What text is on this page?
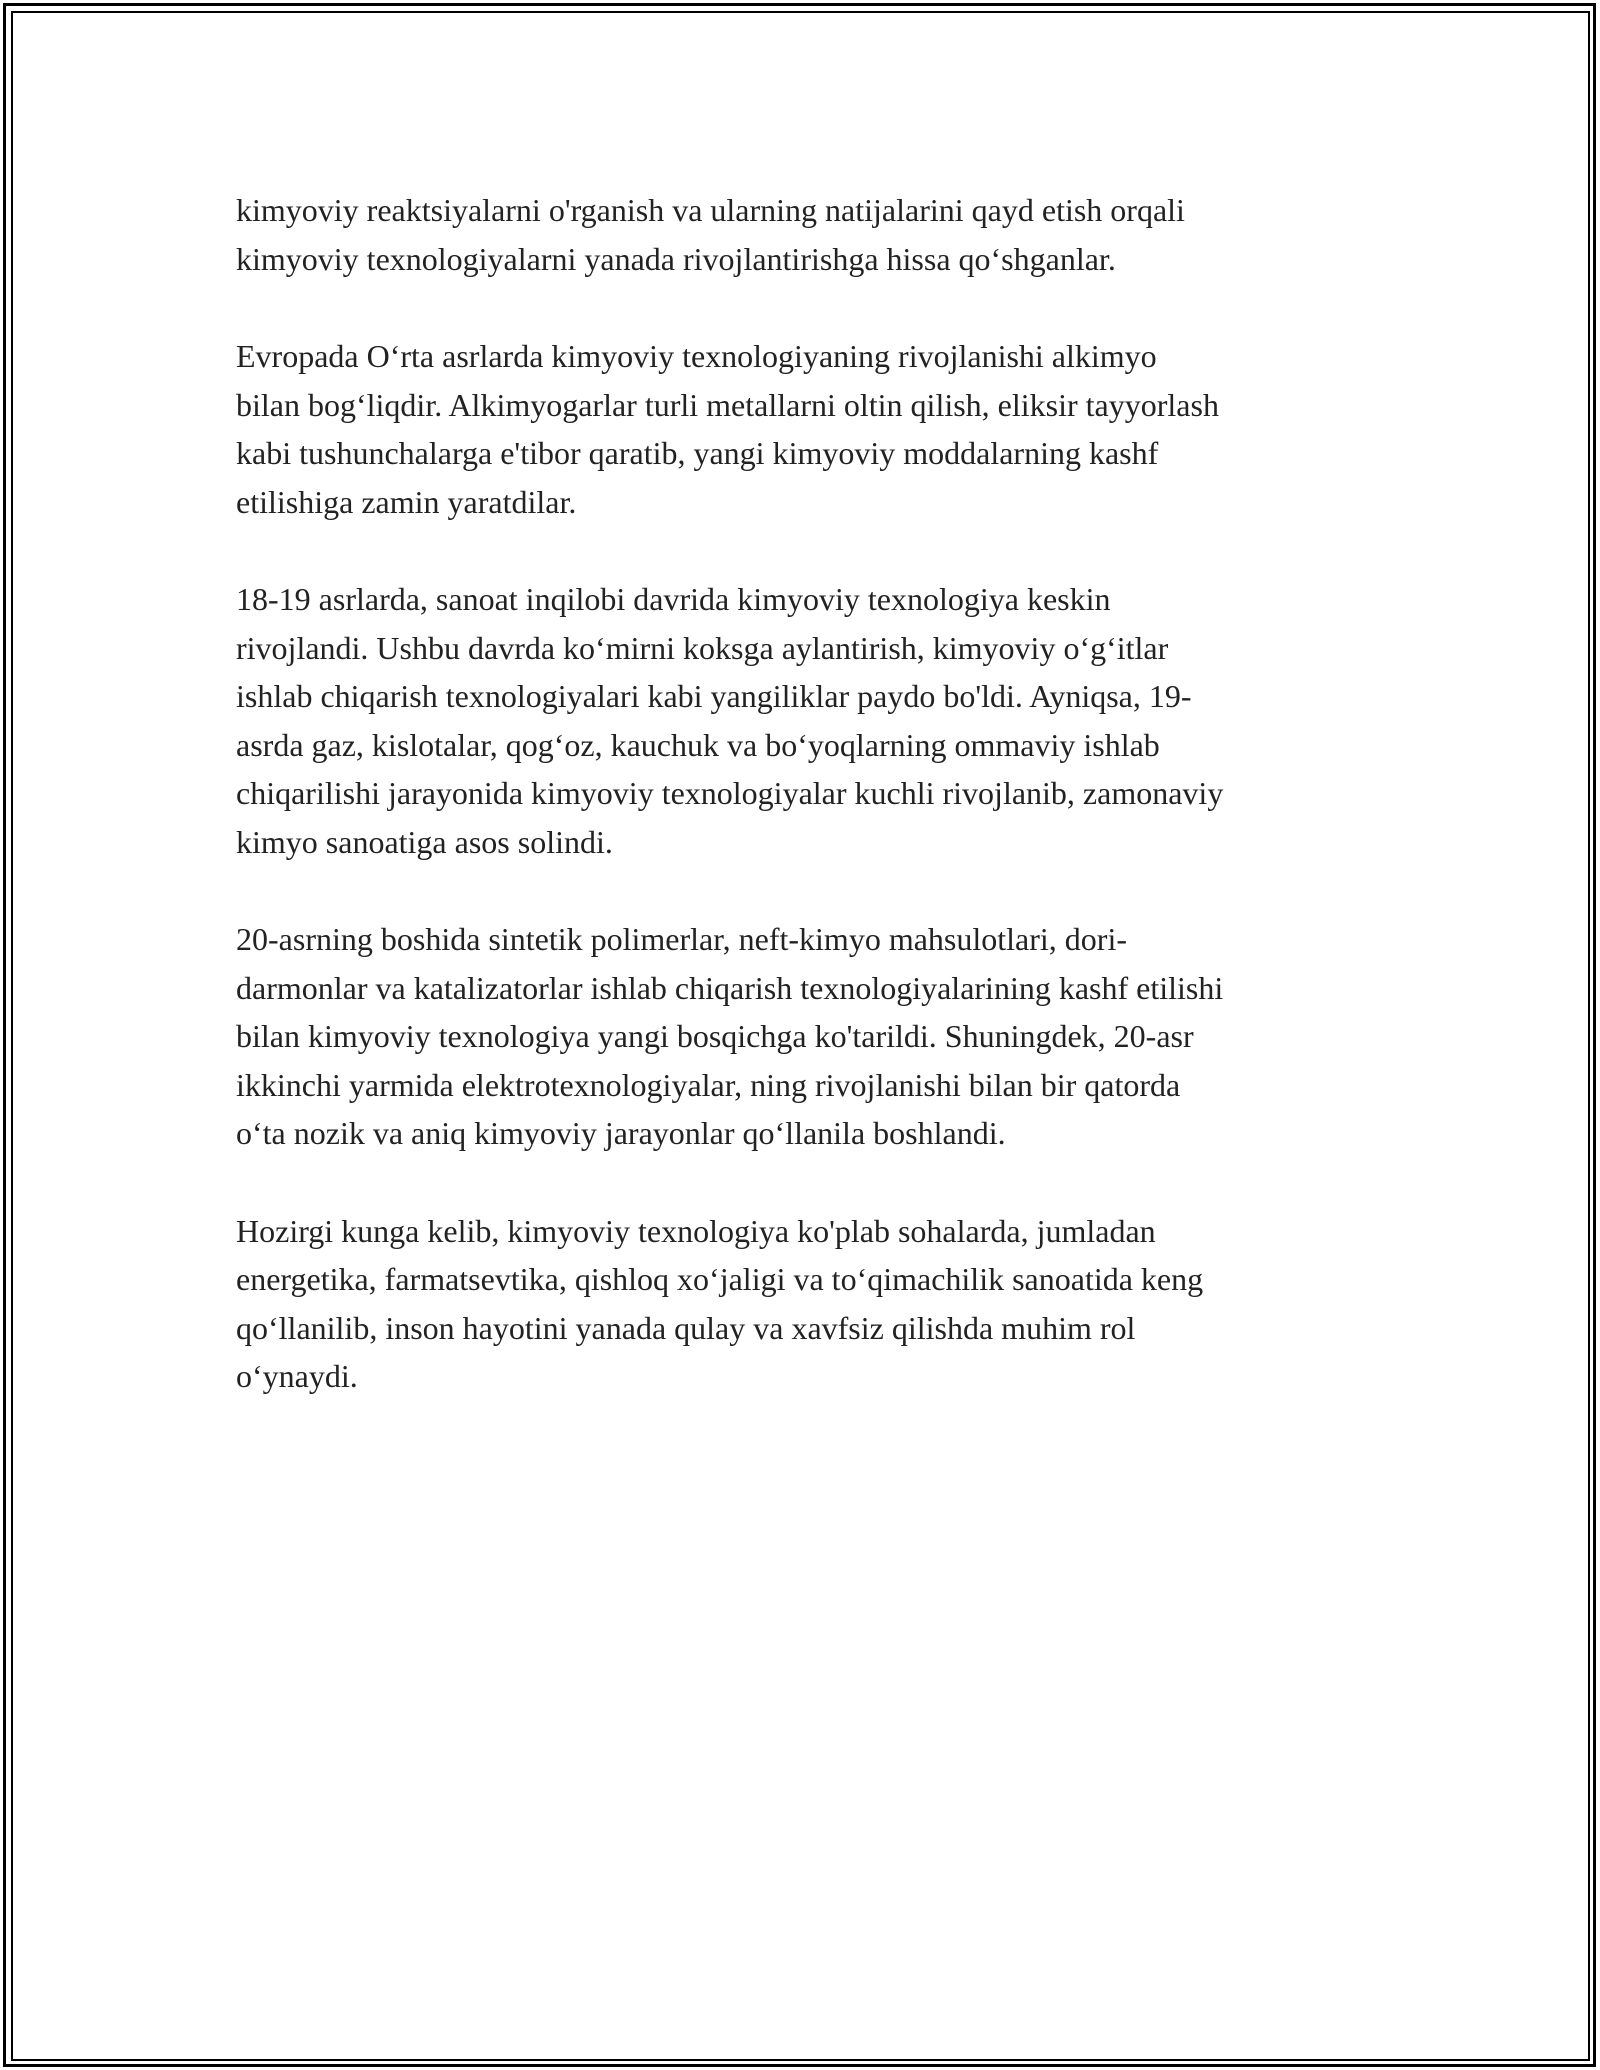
kimyoviy reaktsiyalarni o'rganish va ularning natijalarini qayd etish orqali
kimyoviy texnologiyalarni yanada rivojlantirishga hissa qo‘shganlar.

Evropada O‘rta asrlarda kimyoviy texnologiyaning rivojlanishi alkimyo
bilan bog‘liqdir. Alkimyogarlar turli metallarni oltin qilish, eliksir tayyorlash
kabi tushunchalarga e'tibor qaratib, yangi kimyoviy moddalarning kashf
etilishiga zamin yaratdilar.

18-19 asrlarda, sanoat inqilobi davrida kimyoviy texnologiya keskin
rivojlandi. Ushbu davrda ko‘mirni koksga aylantirish, kimyoviy o‘g‘itlar
ishlab chiqarish texnologiyalari kabi yangiliklar paydo bo'ldi. Ayniqsa, 19-
asrda gaz, kislotalar, qog‘oz, kauchuk va bo‘yoqlarning ommaviy ishlab
chiqarilishi jarayonida kimyoviy texnologiyalar kuchli rivojlanib, zamonaviy
kimyo sanoatiga asos solindi.

20-asrning boshida sintetik polimerlar, neft-kimyo mahsulotlari, dori-
darmonlar va katalizatorlar ishlab chiqarish texnologiyalarining kashf etilishi
bilan kimyoviy texnologiya yangi bosqichga ko'tarildi. Shuningdek, 20-asr
ikkinchi yarmida elektrotexnologiyalar, ning rivojlanishi bilan bir qatorda
o‘ta nozik va aniq kimyoviy jarayonlar qo‘llanila boshlandi.

Hozirgi kunga kelib, kimyoviy texnologiya ko'plab sohalarda, jumladan
energetika, farmatsevtika, qishloq xo‘jaligi va to‘qimachilik sanoatida keng
qo‘llanilib, inson hayotini yanada qulay va xavfsiz qilishda muhim rol
o‘ynaydi.
